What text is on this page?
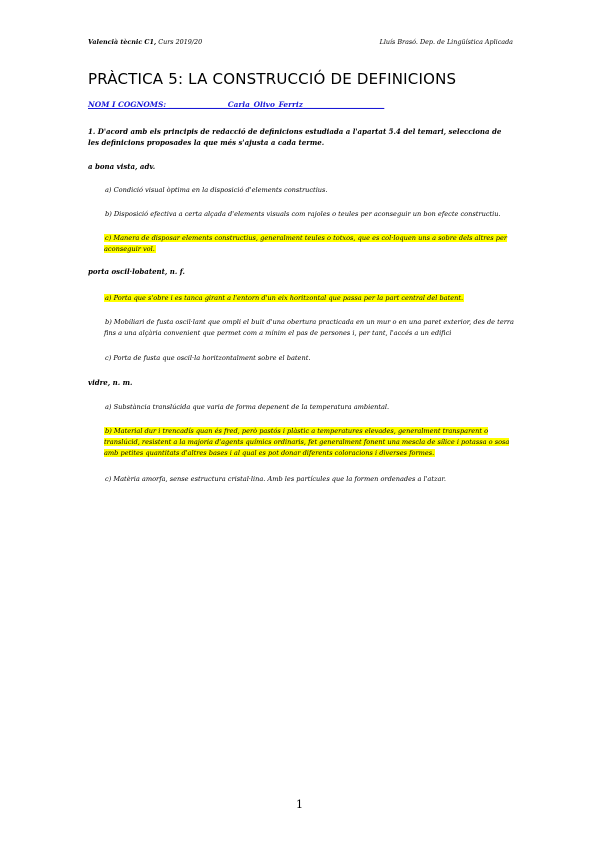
Valencià tècnic C1, Curs 2019/20	Lluís Brasó. Dep. de Lingüística Aplicada
PRÀCTICA 5: LA CONSTRUCCIÓ DE DEFINICIONS
NOM I COGNOMS: ________________Carla_Olivo_Ferriz______________________
1. D'acord amb els principis de redacció de definicions estudiada a l'apartat 5.4 del temari, selecciona de les definicions proposades la que més s'ajusta a cada terme.
a bona vista, adv.
a) Condició visual òptima en la disposició d'elements constructius.
b) Disposició efectiva a certa alçada d'elements visuals com rajoles o teules per aconseguir un bon efecte constructiu.
c) Manera de disposar elements constructius, generalment teules o totxos, que es col·loquen uns a sobre dels altres per aconseguir vol.
porta oscil·lobatent, n. f.
a) Porta que s'obre i es tanca girant a l'entorn d'un eix horitzontal que passa per la part central del batent.
b) Mobiliari de fusta oscil·lant que ompli el buit d'una obertura practicada en un mur o en una paret exterior, des de terra fins a una alçària convenient que permet com a mínim el pas de persones i, per tant, l'accés a un edifici
c) Porta de fusta que oscil·la horitzontalment sobre el batent.
vidre, n. m.
a) Substància translúcida que varia de forma depenent de la temperatura ambiental.
b) Material dur i trencadís quan és fred, però pastós i plàstic a temperatures elevades, generalment transparent o translúcid, resistent a la majoria d'agents químics ordinaris, fet generalment fonent una mescla de sílice i potassa o sosa amb petites quantitats d'altres bases i al qual es pot donar diferents coloracions i diverses formes.
c) Matèria amorfa, sense estructura cristal·lina. Amb les partícules que la formen ordenades a l'atzar.
1
